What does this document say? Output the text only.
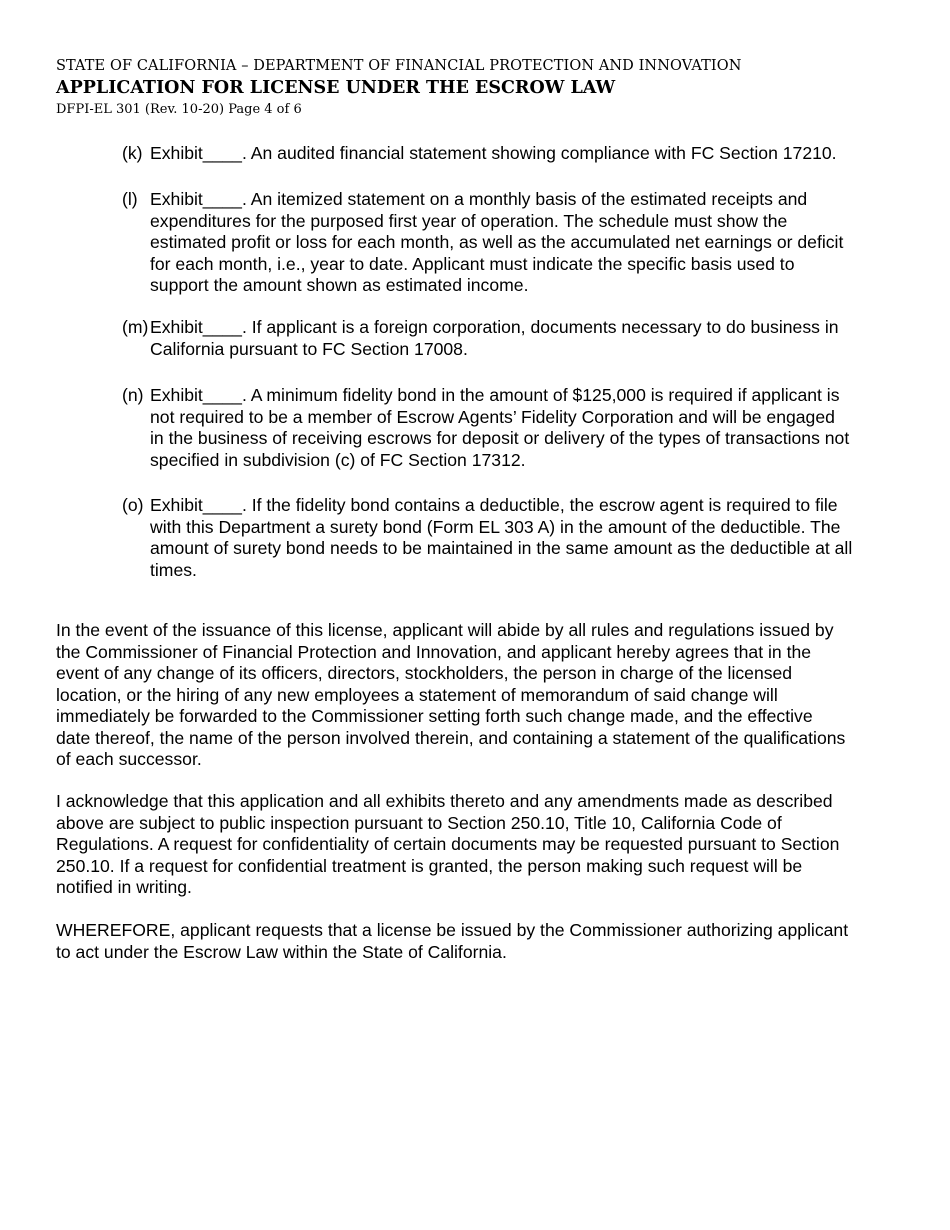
STATE OF CALIFORNIA – DEPARTMENT OF FINANCIAL PROTECTION AND INNOVATION
APPLICATION FOR LICENSE UNDER THE ESCROW LAW
DFPI-EL 301 (Rev. 10-20) Page 4 of 6
(k) Exhibit____. An audited financial statement showing compliance with FC Section 17210.
(l) Exhibit____. An itemized statement on a monthly basis of the estimated receipts and
expenditures for the purposed first year of operation. The schedule must show the
estimated profit or loss for each month, as well as the accumulated net earnings or deficit
for each month, i.e., year to date. Applicant must indicate the specific basis used to
support the amount shown as estimated income.
(m) Exhibit____. If applicant is a foreign corporation, documents necessary to do business in
California pursuant to FC Section 17008.
(n) Exhibit____. A minimum fidelity bond in the amount of $125,000 is required if applicant is
not required to be a member of Escrow Agents’ Fidelity Corporation and will be engaged
in the business of receiving escrows for deposit or delivery of the types of transactions not
specified in subdivision (c) of FC Section 17312.
(o) Exhibit____. If the fidelity bond contains a deductible, the escrow agent is required to file
with this Department a surety bond (Form EL 303 A) in the amount of the deductible. The
amount of surety bond needs to be maintained in the same amount as the deductible at all
times.
In the event of the issuance of this license, applicant will abide by all rules and regulations issued by
the Commissioner of Financial Protection and Innovation, and applicant hereby agrees that in the
event of any change of its officers, directors, stockholders, the person in charge of the licensed
location, or the hiring of any new employees a statement of memorandum of said change will
immediately be forwarded to the Commissioner setting forth such change made, and the effective
date thereof, the name of the person involved therein, and containing a statement of the qualifications
of each successor.
I acknowledge that this application and all exhibits thereto and any amendments made as described
above are subject to public inspection pursuant to Section 250.10, Title 10, California Code of
Regulations. A request for confidentiality of certain documents may be requested pursuant to Section
250.10. If a request for confidential treatment is granted, the person making such request will be
notified in writing.
WHEREFORE, applicant requests that a license be issued by the Commissioner authorizing applicant
to act under the Escrow Law within the State of California.
